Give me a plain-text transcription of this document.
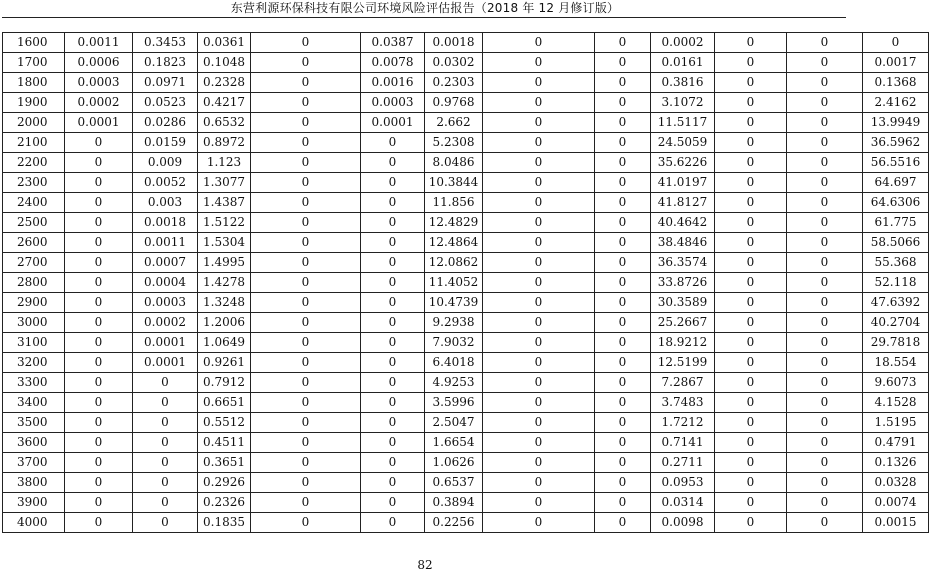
东营利源环保科技有限公司环境风险评估报告（2018 年 12 月修订版）
1600	0.0011	0.3453	0.0361	0	0.0387	0.0018	0	0	0.0002	0	0	0
1700	0.0006	0.1823	0.1048	0	0.0078	0.0302	0	0	0.0161	0	0	0.0017
1800	0.0003	0.0971	0.2328	0	0.0016	0.2303	0	0	0.3816	0	0	0.1368
1900	0.0002	0.0523	0.4217	0	0.0003	0.9768	0	0	3.1072	0	0	2.4162
2000	0.0001	0.0286	0.6532	0	0.0001	2.662	0	0	11.5117	0	0	13.9949
2100	0	0.0159	0.8972	0	0	5.2308	0	0	24.5059	0	0	36.5962
2200	0	0.009	1.123	0	0	8.0486	0	0	35.6226	0	0	56.5516
2300	0	0.0052	1.3077	0	0	10.3844	0	0	41.0197	0	0	64.697
2400	0	0.003	1.4387	0	0	11.856	0	0	41.8127	0	0	64.6306
2500	0	0.0018	1.5122	0	0	12.4829	0	0	40.4642	0	0	61.775
2600	0	0.0011	1.5304	0	0	12.4864	0	0	38.4846	0	0	58.5066
2700	0	0.0007	1.4995	0	0	12.0862	0	0	36.3574	0	0	55.368
2800	0	0.0004	1.4278	0	0	11.4052	0	0	33.8726	0	0	52.118
2900	0	0.0003	1.3248	0	0	10.4739	0	0	30.3589	0	0	47.6392
3000	0	0.0002	1.2006	0	0	9.2938	0	0	25.2667	0	0	40.2704
3100	0	0.0001	1.0649	0	0	7.9032	0	0	18.9212	0	0	29.7818
3200	0	0.0001	0.9261	0	0	6.4018	0	0	12.5199	0	0	18.554
3300	0	0	0.7912	0	0	4.9253	0	0	7.2867	0	0	9.6073
3400	0	0	0.6651	0	0	3.5996	0	0	3.7483	0	0	4.1528
3500	0	0	0.5512	0	0	2.5047	0	0	1.7212	0	0	1.5195
3600	0	0	0.4511	0	0	1.6654	0	0	0.7141	0	0	0.4791
3700	0	0	0.3651	0	0	1.0626	0	0	0.2711	0	0	0.1326
3800	0	0	0.2926	0	0	0.6537	0	0	0.0953	0	0	0.0328
3900	0	0	0.2326	0	0	0.3894	0	0	0.0314	0	0	0.0074
4000	0	0	0.1835	0	0	0.2256	0	0	0.0098	0	0	0.0015
82
